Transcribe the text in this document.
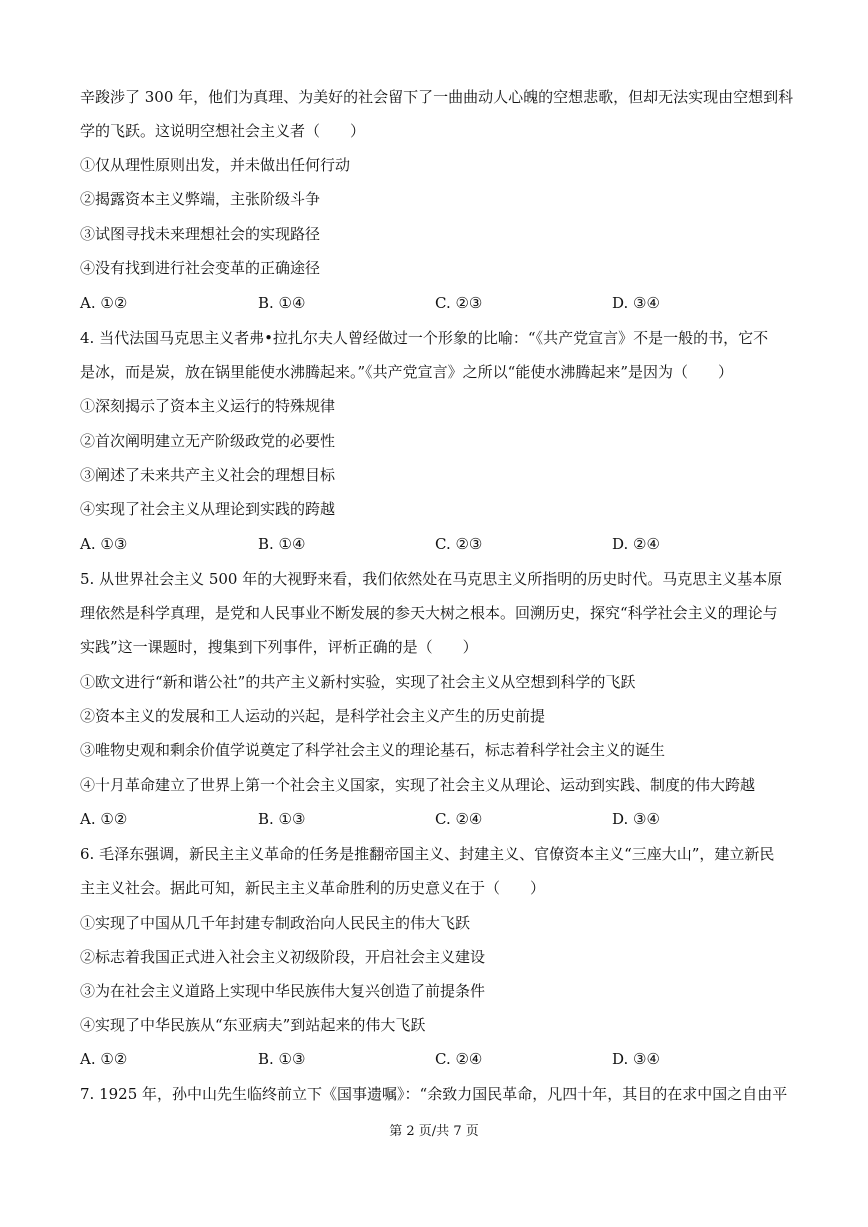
辛踆涉了 300 年，他们为真理、为美好的社会留下了一曲曲动人心魄的空想悲歌，但却无法实现由空想到科
学的飞跃。这说明空想社会主义者（　　）
①仅从理性原则出发，并未做出任何行动
②揭露资本主义弊端，主张阶级斗争
③试图寻找未来理想社会的实现路径
④没有找到进行社会变革的正确途径
A. ①②	B. ①④	C. ②③	D. ③④
4. 当代法国马克思主义者弗•拉扎尔夫人曾经做过一个形象的比喻：“《共产党宣言》不是一般的书，它不
是冰，而是炭，放在锅里能使水沸腾起来。”《共产党宣言》之所以“能使水沸腾起来”是因为（　　）
①深刻揭示了资本主义运行的特殊规律
②首次阐明建立无产阶级政党的必要性
③阐述了未来共产主义社会的理想目标
④实现了社会主义从理论到实践的跨越
A. ①③	B. ①④	C. ②③	D. ②④
5. 从世界社会主义 500 年的大视野来看，我们依然处在马克思主义所指明的历史时代。马克思主义基本原
理依然是科学真理，是党和人民事业不断发展的参天大树之根本。回溯历史，探究“科学社会主义的理论与
实践”这一课题时，搜集到下列事件，评析正确的是（　　）
①欧文进行“新和谐公社”的共产主义新村实验，实现了社会主义从空想到科学的飞跃
②资本主义的发展和工人运动的兴起，是科学社会主义产生的历史前提
③唯物史观和剩余价值学说奠定了科学社会主义的理论基石，标志着科学社会主义的诞生
④十月革命建立了世界上第一个社会主义国家，实现了社会主义从理论、运动到实践、制度的伟大跨越
A. ①②	B. ①③	C. ②④	D. ③④
6. 毛泽东强调，新民主主义革命的任务是推翻帝国主义、封建主义、官僚资本主义“三座大山”，建立新民
主主义社会。据此可知，新民主主义革命胜利的历史意义在于（　　）
①实现了中国从几千年封建专制政治向人民民主的伟大飞跃
②标志着我国正式进入社会主义初级阶段，开启社会主义建设
③为在社会主义道路上实现中华民族伟大复兴创造了前提条件
④实现了中华民族从“东亚病夫”到站起来的伟大飞跃
A. ①②	B. ①③	C. ②④	D. ③④
7. 1925 年，孙中山先生临终前立下《国事遗嘱》：“余致力国民革命，凡四十年，其目的在求中国之自由平
第 2 页/共 7 页
